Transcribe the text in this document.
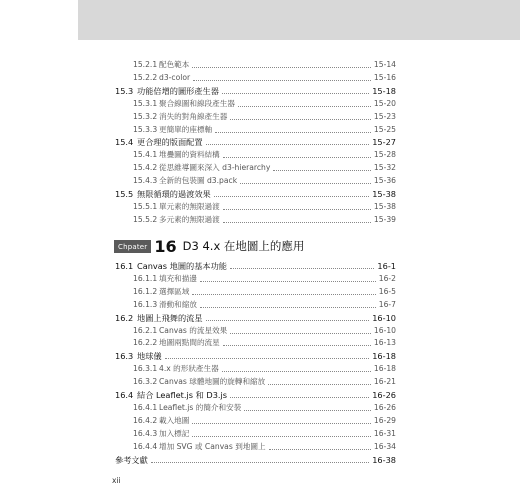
Chpater 16 D3 4.x 在地圖上的應用
15.2.1 配色範本	15-14
15.2.2 d3-color	15-16
15.3 功能倍增的圖形產生器	15-18
15.3.1 聚合線圖和線段產生器	15-20
15.3.2 消失的對角線產生器	15-23
15.3.3 更簡單的座標軸	15-25
15.4 更合理的版面配置	15-27
15.4.1 堆疊圖的資料結構	15-28
15.4.2 從思維導圖來深入 d3-hierarchy	15-32
15.4.3 全新的包裝圖 d3.pack	15-36
15.5 無限循環的過渡效果	15-38
15.5.1 單元素的無限過渡	15-38
15.5.2 多元素的無限過渡	15-39
16.1 Canvas 地圖的基本功能	16-1
16.1.1 填充和描邊	16-2
16.1.2 選擇區域	16-5
16.1.3 滑動和縮放	16-7
16.2 地圖上飛舞的流星	16-10
16.2.1 Canvas 的流星效果	16-10
16.2.2 地圖兩點間的流星	16-13
16.3 地球儀	16-18
16.3.1 4.x 的形狀產生器	16-18
16.3.2 Canvas 球體地圖的旋轉和縮放	16-21
16.4 結合 Leaflet.js 和 D3.js	16-26
16.4.1 Leaflet.js 的簡介和安裝	16-26
16.4.2 載入地圖	16-29
16.4.3 加入標記	16-31
16.4.4 增加 SVG 或 Canvas 到地圖上	16-34
參考文獻	16-38
xii
